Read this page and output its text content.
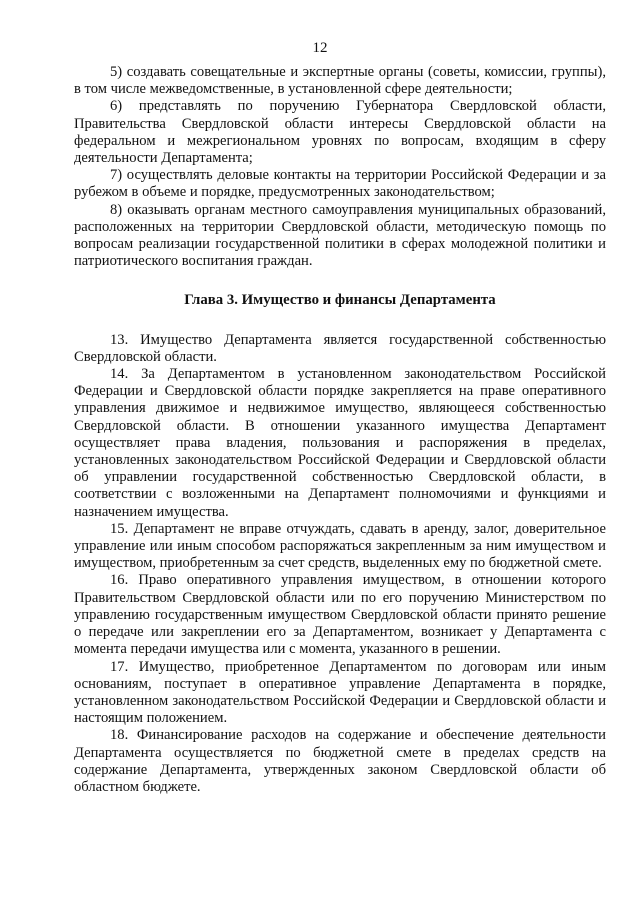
12

5) создавать совещательные и экспертные органы (советы, комиссии, группы), в том числе межведомственные, в установленной сфере деятельности;

6) представлять по поручению Губернатора Свердловской области, Правительства Свердловской области интересы Свердловской области на федеральном и межрегиональном уровнях по вопросам, входящим в сферу деятельности Департамента;

7) осуществлять деловые контакты на территории Российской Федерации и за рубежом в объеме и порядке, предусмотренных законодательством;

8) оказывать органам местного самоуправления муниципальных образований, расположенных на территории Свердловской области, методическую помощь по вопросам реализации государственной политики в сферах молодежной политики и патриотического воспитания граждан.

Глава 3. Имущество и финансы Департамента

13. Имущество Департамента является государственной собственностью Свердловской области.

14. За Департаментом в установленном законодательством Российской Федерации и Свердловской области порядке закрепляется на праве оперативного управления движимое и недвижимое имущество, являющееся собственностью Свердловской области. В отношении указанного имущества Департамент осуществляет права владения, пользования и распоряжения в пределах, установленных законодательством Российской Федерации и Свердловской области об управлении государственной собственностью Свердловской области, в соответствии с возложенными на Департамент полномочиями и функциями и назначением имущества.

15. Департамент не вправе отчуждать, сдавать в аренду, залог, доверительное управление или иным способом распоряжаться закрепленным за ним имуществом и имуществом, приобретенным за счет средств, выделенных ему по бюджетной смете.

16. Право оперативного управления имуществом, в отношении которого Правительством Свердловской области или по его поручению Министерством по управлению государственным имуществом Свердловской области принято решение о передаче или закреплении его за Департаментом, возникает у Департамента с момента передачи имущества или с момента, указанного в решении.

17. Имущество, приобретенное Департаментом по договорам или иным основаниям, поступает в оперативное управление Департамента в порядке, установленном законодательством Российской Федерации и Свердловской области и настоящим положением.

18. Финансирование расходов на содержание и обеспечение деятельности Департамента осуществляется по бюджетной смете в пределах средств на содержание Департамента, утвержденных законом Свердловской области об областном бюджете.
